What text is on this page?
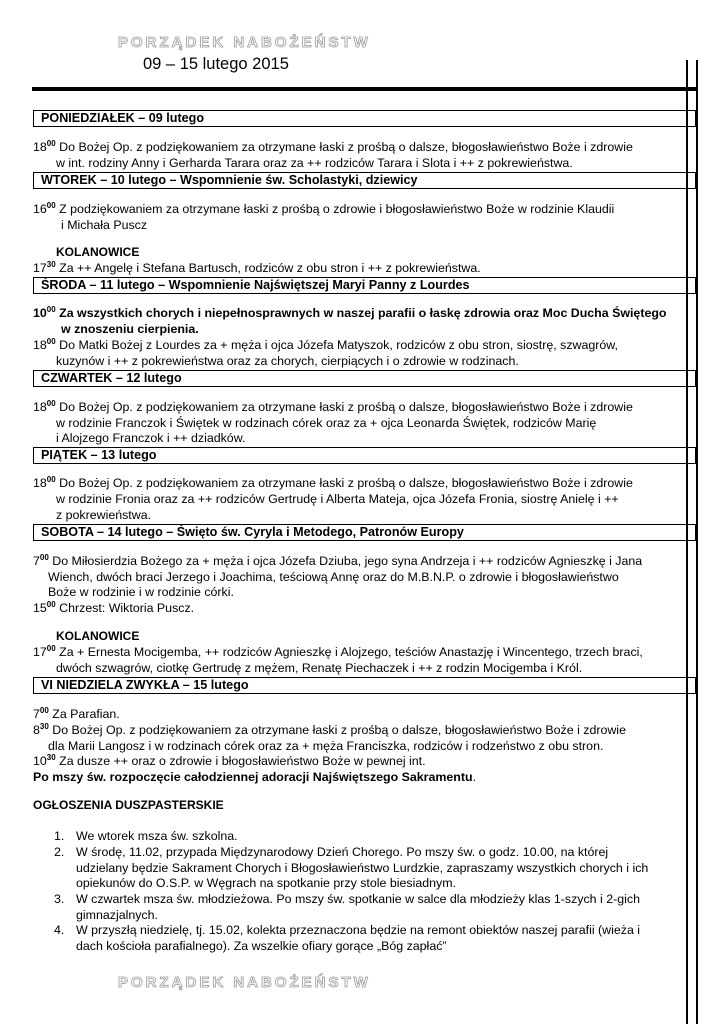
PORZĄDEK NABOŻEŃSTW
09 – 15 lutego 2015
PONIEDZIAŁEK – 09 lutego
$18^{00}$ Do Bożej Op. z podziękowaniem za otrzymane łaski z prośbą o dalsze, błogosławieństwo Boże i zdrowie
w int. rodziny Anny i Gerharda Tarara oraz za ++ rodziców Tarara i Slota i ++ z pokrewieństwa.
WTOREK – 10 lutego – Wspomnienie św. Scholastyki, dziewicy
$16^{00}$ Z podziękowaniem za otrzymane łaski z prośbą o zdrowie i błogosławieństwo Boże w rodzinie Klaudii
i Michała Puscz
KOLANOWICE
$17^{30}$ Za ++ Angelę i Stefana Bartusch, rodziców z obu stron i ++ z pokrewieństwa.
ŚRODA – 11 lutego – Wspomnienie Najświętszej Maryi Panny z Lourdes
$10^{00}$ Za wszystkich chorych i niepełnosprawnych w naszej parafii o łaskę zdrowia oraz Moc Ducha Świętego
w znoszeniu cierpienia.
$18^{00}$ Do Matki Bożej z Lourdes za + męża i ojca Józefa Matyszok, rodziców z obu stron, siostrę, szwagrów,
kuzynów i ++ z pokrewieństwa oraz za chorych, cierpiących i o zdrowie w rodzinach.
CZWARTEK – 12 lutego
$18^{00}$ Do Bożej Op. z podziękowaniem za otrzymane łaski z prośbą o dalsze, błogosławieństwo Boże i zdrowie
w rodzinie Franczok i Świętek w rodzinach córek oraz za + ojca Leonarda Świętek, rodziców Marię
i Alojzego Franczok i ++ dziadków.
PIĄTEK – 13 lutego
$18^{00}$ Do Bożej Op. z podziękowaniem za otrzymane łaski z prośbą o dalsze, błogosławieństwo Boże i zdrowie
w rodzinie Fronia oraz za ++ rodziców Gertrudę i Alberta Mateja, ojca Józefa Fronia, siostrę Anielę i ++
z pokrewieństwa.
SOBOTA – 14 lutego – Święto św. Cyryla i Metodego, Patronów Europy
$7^{00}$ Do Miłosierdzia Bożego za + męża i ojca Józefa Dziuba, jego syna Andrzeja i ++ rodziców Agnieszkę i Jana
Wiench, dwóch braci Jerzego i Joachima, teściową Annę oraz do M.B.N.P. o zdrowie i błogosławieństwo
Boże w rodzinie i w rodzinie córki.
$15^{00}$ Chrzest: Wiktoria Puscz.
KOLANOWICE
$17^{00}$ Za + Ernesta Mocigemba, ++ rodziców Agnieszkę i Alojzego, teściów Anastazję i Wincentego, trzech braci,
dwóch szwagrów, ciotkę Gertrudę z mężem, Renatę Piechaczek i ++ z rodzin Mocigemba i Król.
VI NIEDZIELA ZWYKŁA – 15 lutego
$7^{00}$ Za Parafian.
$8^{30}$ Do Bożej Op. z podziękowaniem za otrzymane łaski z prośbą o dalsze, błogosławieństwo Boże i zdrowie
dla Marii Langosz i w rodzinach córek oraz za + męża Franciszka, rodziców i rodzeństwo z obu stron.
$10^{30}$ Za dusze ++ oraz o zdrowie i błogosławieństwo Boże w pewnej int.
Po mszy św. rozpoczęcie całodziennej adoracji Najświętszego Sakramentu.
OGŁOSZENIA DUSZPASTERSKIE
1. We wtorek msza św. szkolna.
2. W środę, 11.02, przypada Międzynarodowy Dzień Chorego. Po mszy św. o godz. 10.00, na której
udzielany będzie Sakrament Chorych i Błogosławieństwo Lurdzkie, zapraszamy wszystkich chorych i ich
opiekunów do O.S.P. w Węgrach na spotkanie przy stole biesiadnym.
3. W czwartek msza św. młodzieżowa. Po mszy św. spotkanie w salce dla młodzieży klas 1-szych i 2-gich
gimnazjalnych.
4. W przyszłą niedzielę, tj. 15.02, kolekta przeznaczona będzie na remont obiektów naszej parafii (wieża i
dach kościoła parafialnego). Za wszelkie ofiary gorące „Bóg zapłać”
PORZĄDEK NABOŻEŃSTW
